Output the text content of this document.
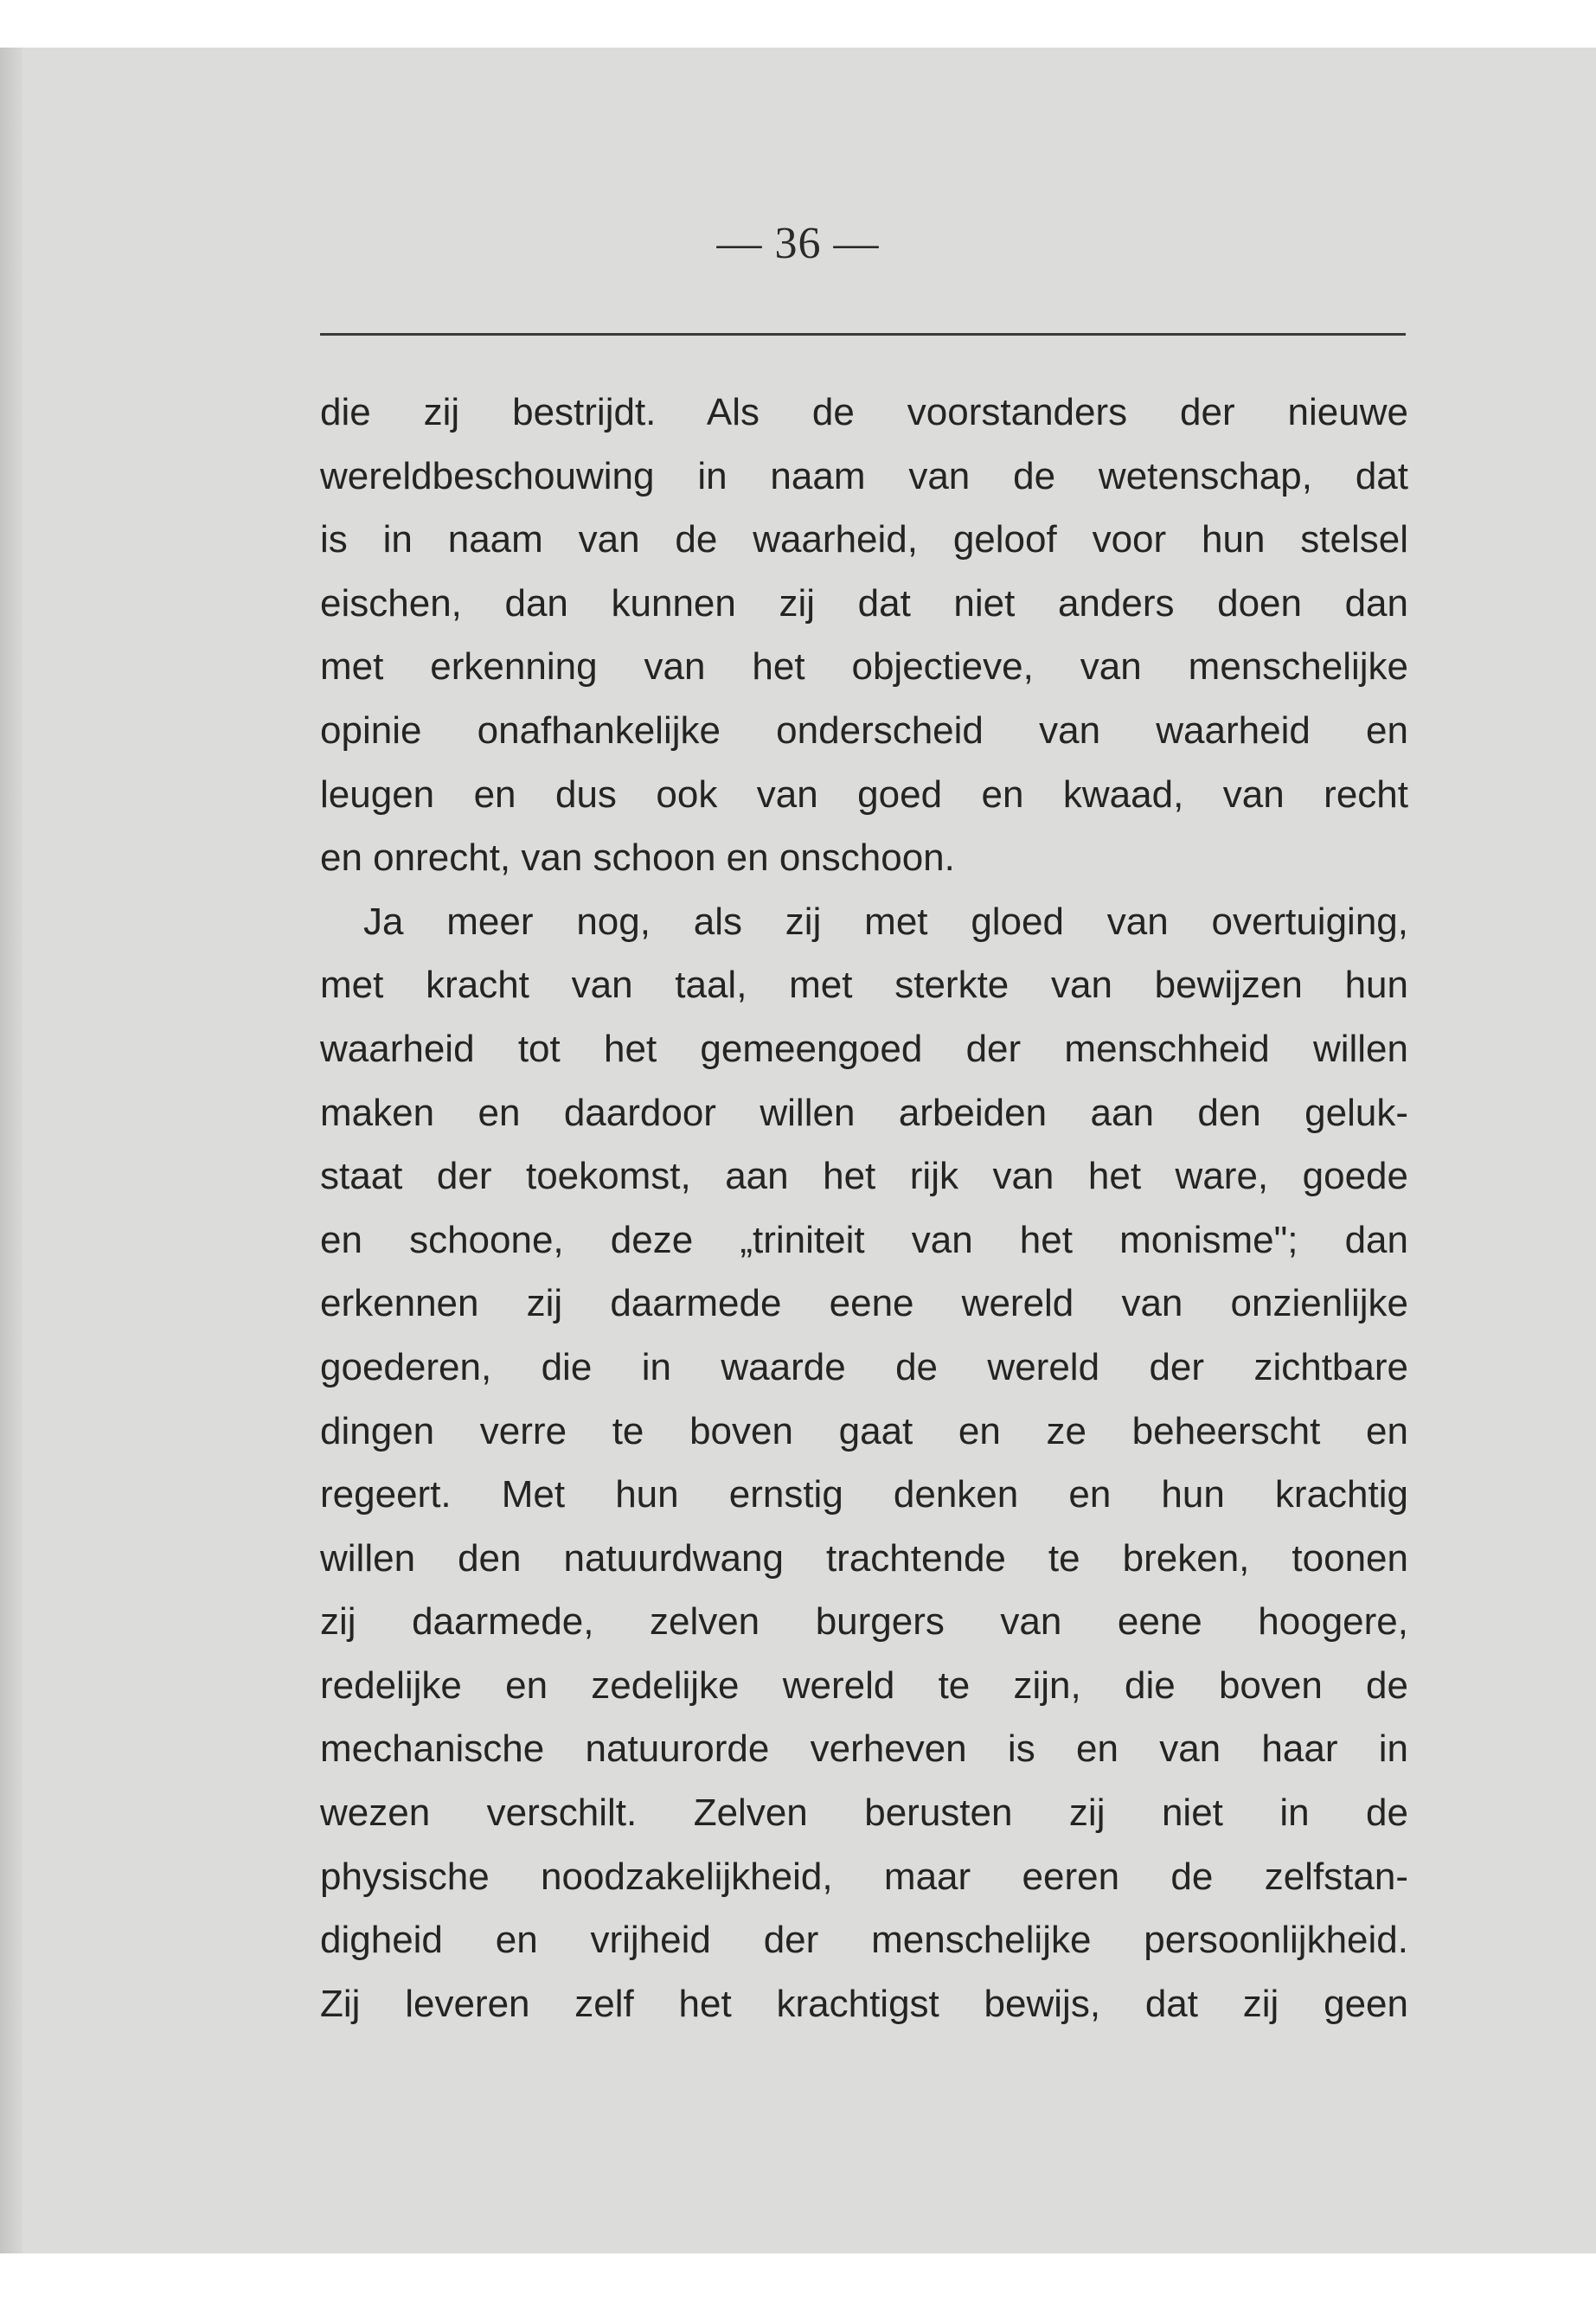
— 36 —
die zij bestrijdt. Als de voorstanders der nieuwe
wereldbeschouwing in naam van de wetenschap, dat
is in naam van de waarheid, geloof voor hun stelsel
eischen, dan kunnen zij dat niet anders doen dan
met erkenning van het objectieve, van menschelijke
opinie onafhankelijke onderscheid van waarheid en
leugen en dus ook van goed en kwaad, van recht
en onrecht, van schoon en onschoon.
Ja meer nog, als zij met gloed van overtuiging,
met kracht van taal, met sterkte van bewijzen hun
waarheid tot het gemeengoed der menschheid willen
maken en daardoor willen arbeiden aan den geluk-
staat der toekomst, aan het rijk van het ware, goede
en schoone, deze „triniteit van het monisme"; dan
erkennen zij daarmede eene wereld van onzienlijke
goederen, die in waarde de wereld der zichtbare
dingen verre te boven gaat en ze beheerscht en
regeert. Met hun ernstig denken en hun krachtig
willen den natuurdwang trachtende te breken, toonen
zij daarmede, zelven burgers van eene hoogere,
redelijke en zedelijke wereld te zijn, die boven de
mechanische natuurorde verheven is en van haar in
wezen verschilt. Zelven berusten zij niet in de
physische noodzakelijkheid, maar eeren de zelfstan-
digheid en vrijheid der menschelijke persoonlijkheid.
Zij leveren zelf het krachtigst bewijs, dat zij geen
